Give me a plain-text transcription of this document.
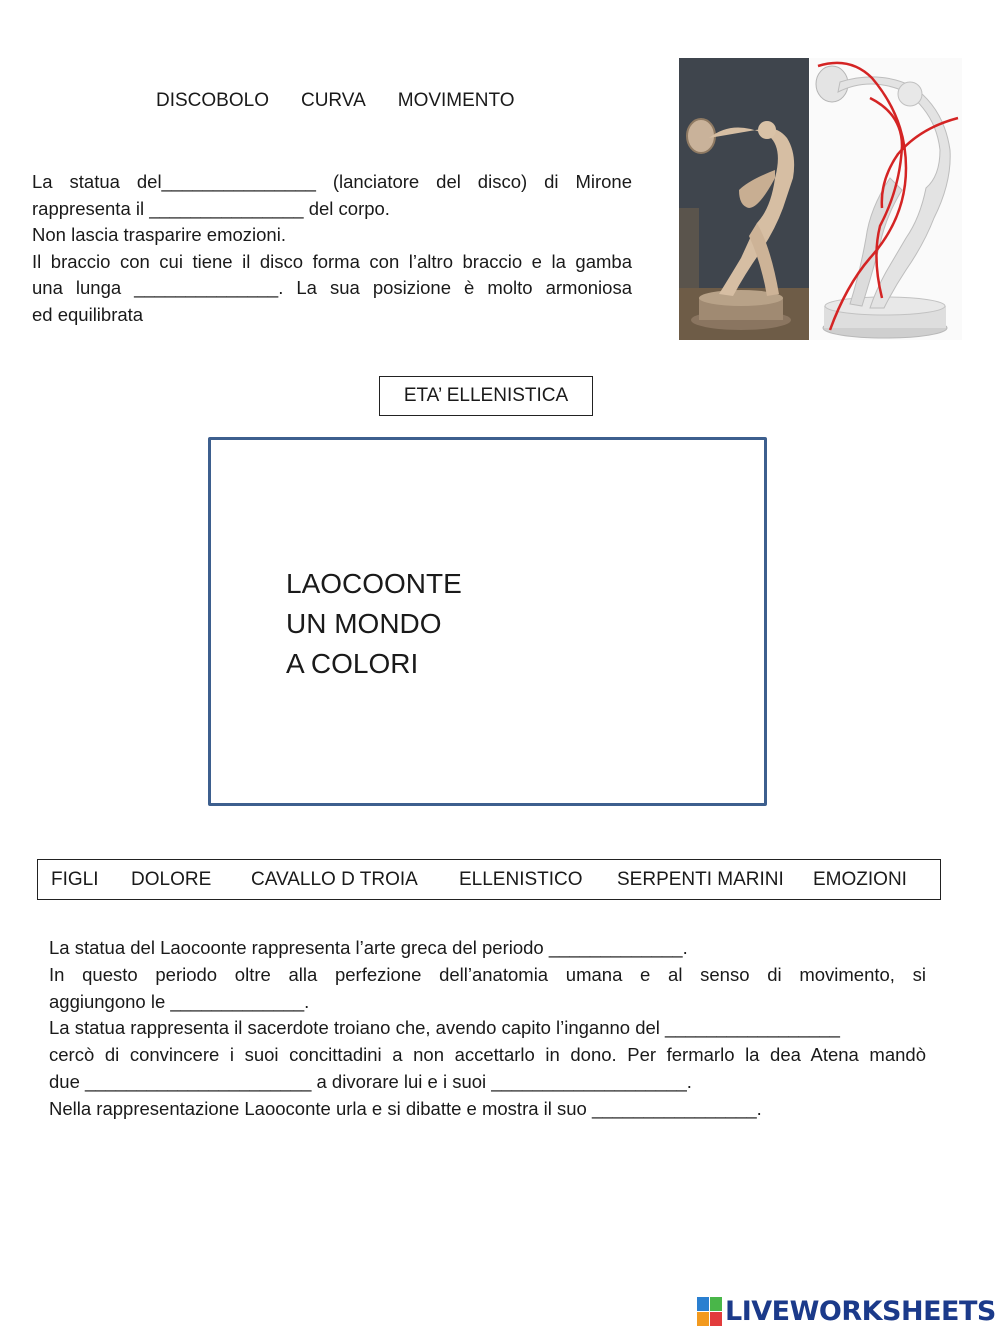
DISCOBOLO CURVA MOVIMENTO
La statua del_______________ (lanciatore del disco) di Mirone
rappresenta il _______________ del corpo.
Non lascia trasparire emozioni.
Il braccio con cui tiene il disco forma con l’altro braccio e la gamba
una lunga ______________. La sua posizione è molto armoniosa
ed equilibrata
ETA’ ELLENISTICA
LAOCOONTE
UN MONDO
A COLORI
FIGLI DOLORE CAVALLO D TROIA ELLENISTICO SERPENTI MARINI EMOZIONI
La statua del Laocoonte rappresenta l’arte greca del periodo _____________.
In questo periodo oltre alla perfezione dell’anatomia umana e al senso di movimento, si
aggiungono le _____________.
La statua rappresenta il sacerdote troiano che, avendo capito l’inganno del _________________
cercò di convincere i suoi concittadini a non accettarlo in dono. Per fermarlo la dea Atena mandò
due ______________________ a divorare lui e i suoi ___________________.
Nella rappresentazione Laooconte urla e si dibatte e mostra il suo ________________.
LIVEWORKSHEETS
